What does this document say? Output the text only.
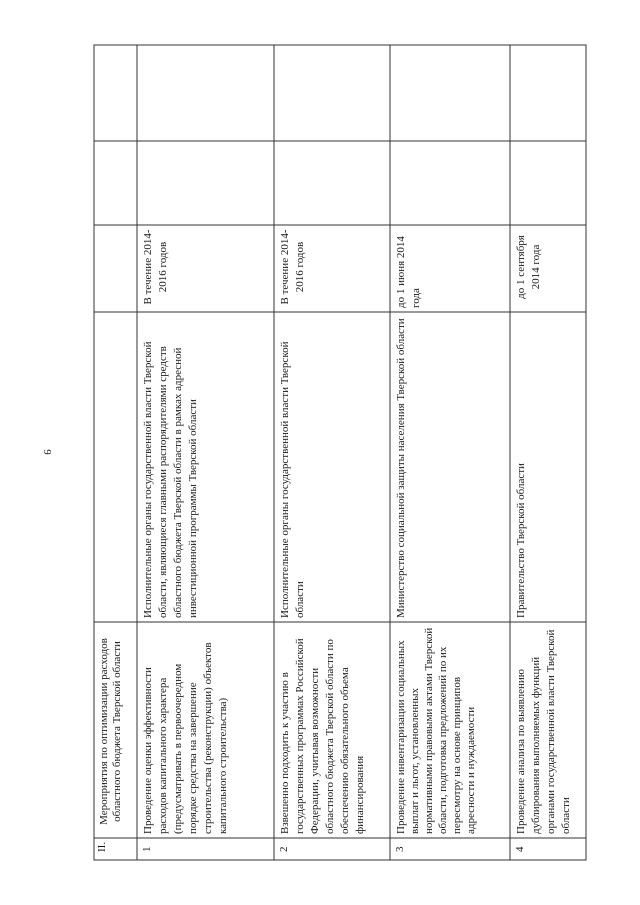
9
II.
Мероприятия по оптимизации расходов областного бюджета Тверской области
1
Проведение оценки эффективности расходов капитального характера (предусматривать в первоочередном порядке средства на завершение строительства (реконструкции) объектов капитального строительства)
Исполнительные органы государственной власти Тверской области, являющиеся главными распорядителями средств областного бюджета Тверской области в рамках адресной инвестиционной программы Тверской области
В течение 2014-2016 годов
2
Взвешенно подходить к участию в государственных программах Российской Федерации, учитывая возможности областного бюджета Тверской области по обеспечению обязательного объема финансирования
Исполнительные органы государственной власти Тверской области
В течение 2014-2016 годов
3
Проведение инвентаризации социальных выплат и льгот, установленных нормативными правовыми актами Тверской области, подготовка предложений по их пересмотру на основе принципов адресности и нуждаемости
Министерство социальной защиты населения Тверской области
до 1 июня 2014 года
4
Проведение анализа по выявлению дублирования выполняемых функций органами государственной власти Тверской области
Правительство Тверской области
до 1 сентября 2014 года
